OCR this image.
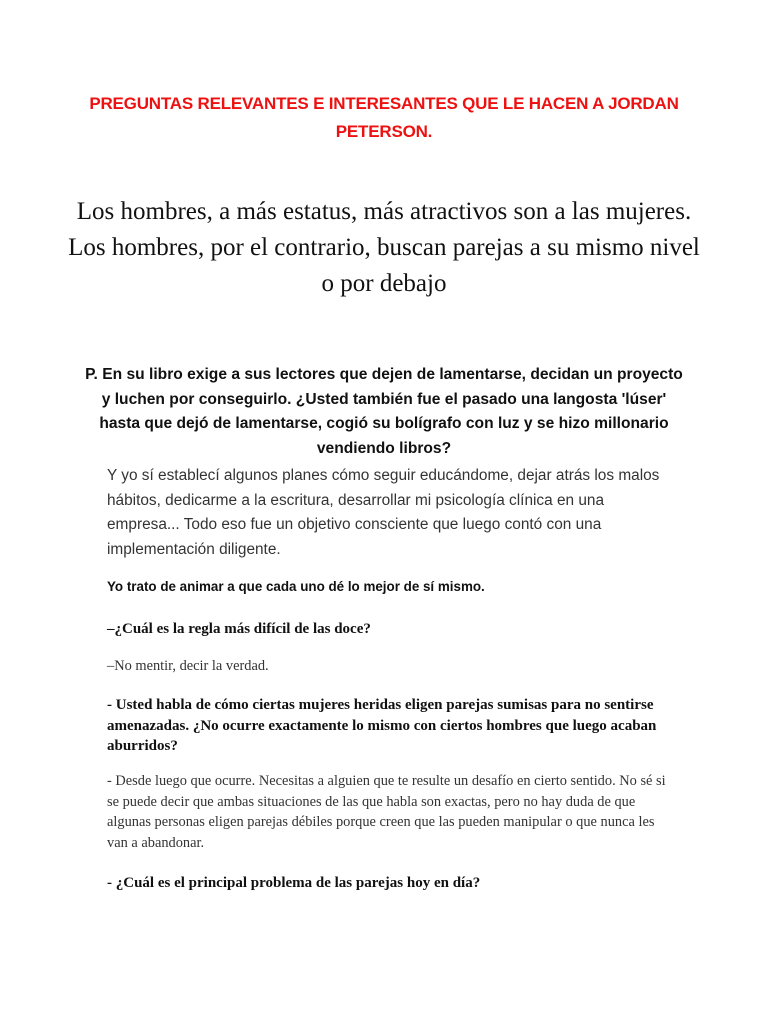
PREGUNTAS RELEVANTES E INTERESANTES QUE LE HACEN A JORDAN PETERSON.
Los hombres, a más estatus, más atractivos son a las mujeres. Los hombres, por el contrario, buscan parejas a su mismo nivel o por debajo
P. En su libro exige a sus lectores que dejen de lamentarse, decidan un proyecto y luchen por conseguirlo. ¿Usted también fue el pasado una langosta 'lúser' hasta que dejó de lamentarse, cogió su bolígrafo con luz y se hizo millonario vendiendo libros?
Y yo sí establecí algunos planes cómo seguir educándome, dejar atrás los malos hábitos, dedicarme a la escritura, desarrollar mi psicología clínica en una empresa... Todo eso fue un objetivo consciente que luego contó con una implementación diligente.
Yo trato de animar a que cada uno dé lo mejor de sí mismo.
–¿Cuál es la regla más difícil de las doce?
–No mentir, decir la verdad.
- Usted habla de cómo ciertas mujeres heridas eligen parejas sumisas para no sentirse amenazadas. ¿No ocurre exactamente lo mismo con ciertos hombres que luego acaban aburridos?
- Desde luego que ocurre. Necesitas a alguien que te resulte un desafío en cierto sentido. No sé si se puede decir que ambas situaciones de las que habla son exactas, pero no hay duda de que algunas personas eligen parejas débiles porque creen que las pueden manipular o que nunca les van a abandonar.
- ¿Cuál es el principal problema de las parejas hoy en día?
